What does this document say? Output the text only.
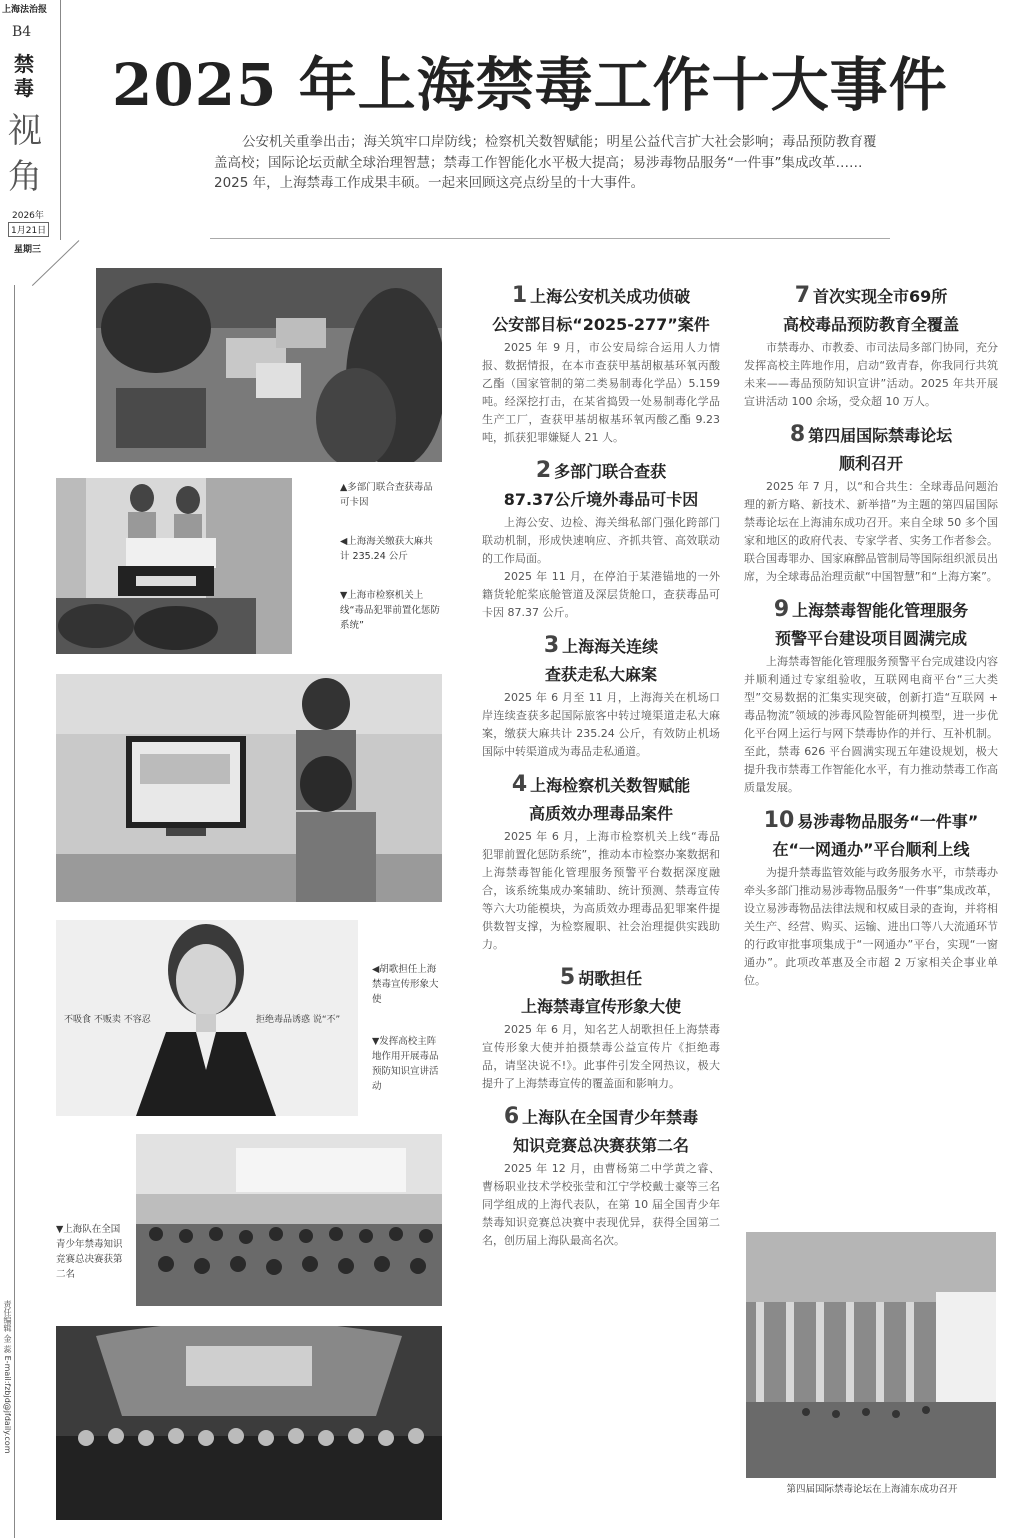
上海法治报
B4
禁毒
视角
2026年
1月21日
星期三
责任编辑 金 蕊 E-mail:fzbjd@jfdaily.com
2025 年上海禁毒工作十大事件
公安机关重拳出击；海关筑牢口岸防线；检察机关数智赋能；明星公益代言扩大社会影响；毒品预防教育覆盖高校；国际论坛贡献全球治理智慧；禁毒工作智能化水平极大提高；易涉毒物品服务“一件事”集成改革……2025 年，上海禁毒工作成果丰硕。一起来回顾这亮点纷呈的十大事件。
▲多部门联合查获毒品可卡因
◀上海海关缴获大麻共计 235.24 公斤
▼上海市检察机关上线“毒品犯罪前置化惩防系统”
不吸食 不贩卖 不容忍	拒绝毒品诱惑 说“不”
◀胡歌担任上海禁毒宣传形象大使
▼发挥高校主阵地作用开展毒品预防知识宣讲活动
▼上海队在全国青少年禁毒知识竞赛总决赛获第二名
1 上海公安机关成功侦破
公安部目标“2025-277”案件

2025 年 9 月，市公安局综合运用人力情报、数据情报，在本市查获甲基胡椒基环氧丙酸乙酯（国家管制的第二类易制毒化学品）5.159 吨。经深挖打击，在某省捣毁一处易制毒化学品生产工厂，查获甲基胡椒基环氧丙酸乙酯 9.23 吨，抓获犯罪嫌疑人 21 人。

2 多部门联合查获
87.37公斤境外毒品可卡因

上海公安、边检、海关缉私部门强化跨部门联动机制，形成快速响应、齐抓共管、高效联动的工作局面。

2025 年 11 月，在停泊于某港锚地的一外籍货轮舵桨底舱管道及深层货舱口，查获毒品可卡因 87.37 公斤。

3 上海海关连续
查获走私大麻案

2025 年 6 月至 11 月，上海海关在机场口岸连续查获多起国际旅客中转过境渠道走私大麻案，缴获大麻共计 235.24 公斤，有效防止机场国际中转渠道成为毒品走私通道。

4 上海检察机关数智赋能
高质效办理毒品案件

2025 年 6 月，上海市检察机关上线“毒品犯罪前置化惩防系统”，推动本市检察办案数据和上海禁毒智能化管理服务预警平台数据深度融合，该系统集成办案辅助、统计预测、禁毒宣传等六大功能模块，为高质效办理毒品犯罪案件提供数智支撑，为检察履职、社会治理提供实践助力。

5 胡歌担任
上海禁毒宣传形象大使

2025 年 6 月，知名艺人胡歌担任上海禁毒宣传形象大使并拍摄禁毒公益宣传片《拒绝毒品，请坚决说不!》。此事件引发全网热议，极大提升了上海禁毒宣传的覆盖面和影响力。

6 上海队在全国青少年禁毒
知识竞赛总决赛获第二名

2025 年 12 月，由曹杨第二中学黄之睿、曹杨职业技术学校张莹和江宁学校戴士豪等三名同学组成的上海代表队，在第 10 届全国青少年禁毒知识竞赛总决赛中表现优异，获得全国第二名，创历届上海队最高名次。

7 首次实现全市69所
高校毒品预防教育全覆盖

市禁毒办、市教委、市司法局多部门协同，充分发挥高校主阵地作用，启动“致青春，你我同行共筑未来——毒品预防知识宣讲”活动。2025 年共开展宣讲活动 100 余场，受众超 10 万人。

8 第四届国际禁毒论坛
顺利召开

2025 年 7 月，以“和合共生：全球毒品问题治理的新方略、新技术、新举措”为主题的第四届国际禁毒论坛在上海浦东成功召开。来自全球 50 多个国家和地区的政府代表、专家学者、实务工作者参会。联合国毒罪办、国家麻醉品管制局等国际组织派员出席，为全球毒品治理贡献“中国智慧”和“上海方案”。

9 上海禁毒智能化管理服务
预警平台建设项目圆满完成

上海禁毒智能化管理服务预警平台完成建设内容并顺利通过专家组验收，互联网电商平台“三大类型”交易数据的汇集实现突破，创新打造“互联网 + 毒品物流”领域的涉毒风险智能研判模型，进一步优化平台网上运行与网下禁毒协作的并行、互补机制。至此，禁毒 626 平台圆满实现五年建设规划，极大提升我市禁毒工作智能化水平，有力推动禁毒工作高质量发展。

10 易涉毒物品服务“一件事”
在“一网通办”平台顺利上线

为提升禁毒监管效能与政务服务水平，市禁毒办牵头多部门推动易涉毒物品服务“一件事”集成改革，设立易涉毒物品法律法规和权威目录的查询，并将相关生产、经营、购买、运输、进出口等八大流通环节的行政审批事项集成于“一网通办”平台，实现“一窗通办”。此项改革惠及全市超 2 万家相关企事业单位。

第四届国际禁毒论坛在上海浦东成功召开
